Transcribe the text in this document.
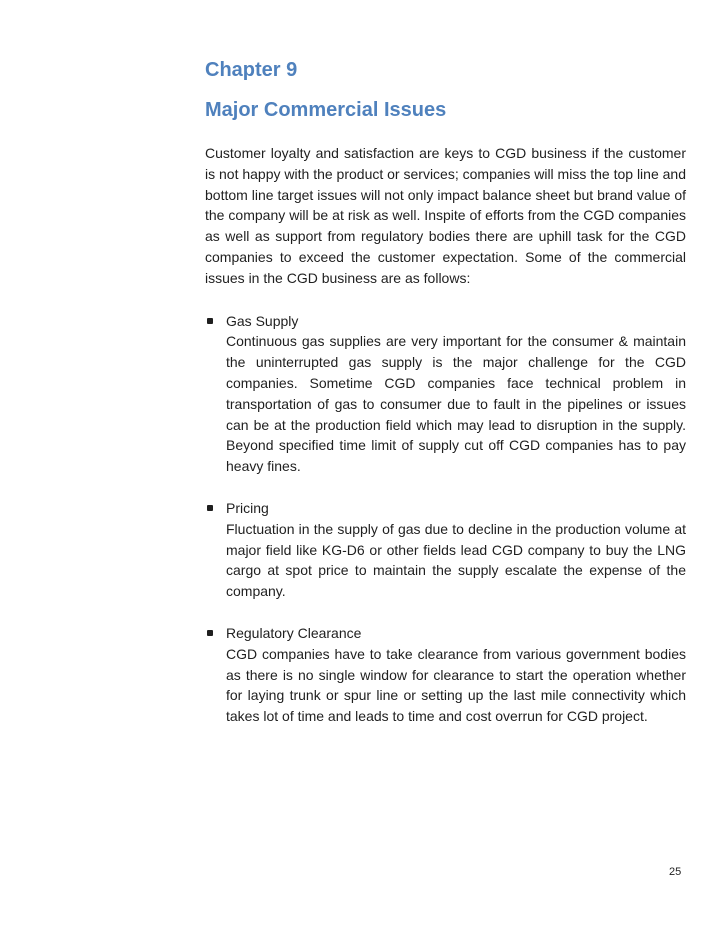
Chapter 9
Major Commercial Issues

Customer loyalty and satisfaction are keys to CGD business if the customer is not happy with the product or services; companies will miss the top line and bottom line target issues will not only impact balance sheet but brand value of the company will be at risk as well. Inspite of efforts from the CGD companies as well as support from regulatory bodies there are uphill task for the CGD companies to exceed the customer expectation. Some of the commercial issues in the CGD business are as follows:

Gas Supply

Continuous gas supplies are very important for the consumer & maintain the uninterrupted gas supply is the major challenge for the CGD companies. Sometime CGD companies face technical problem in transportation of gas to consumer due to fault in the pipelines or issues can be at the production field which may lead to disruption in the supply. Beyond specified time limit of supply cut off CGD companies has to pay heavy fines.

Pricing

Fluctuation in the supply of gas due to decline in the production volume at major field like KG-D6 or other fields lead CGD company to buy the LNG cargo at spot price to maintain the supply escalate the expense of the company.

Regulatory Clearance

CGD companies have to take clearance from various government bodies as there is no single window for clearance to start the operation whether for laying trunk or spur line or setting up the last mile connectivity which takes lot of time and leads to time and cost overrun for CGD project.

25
